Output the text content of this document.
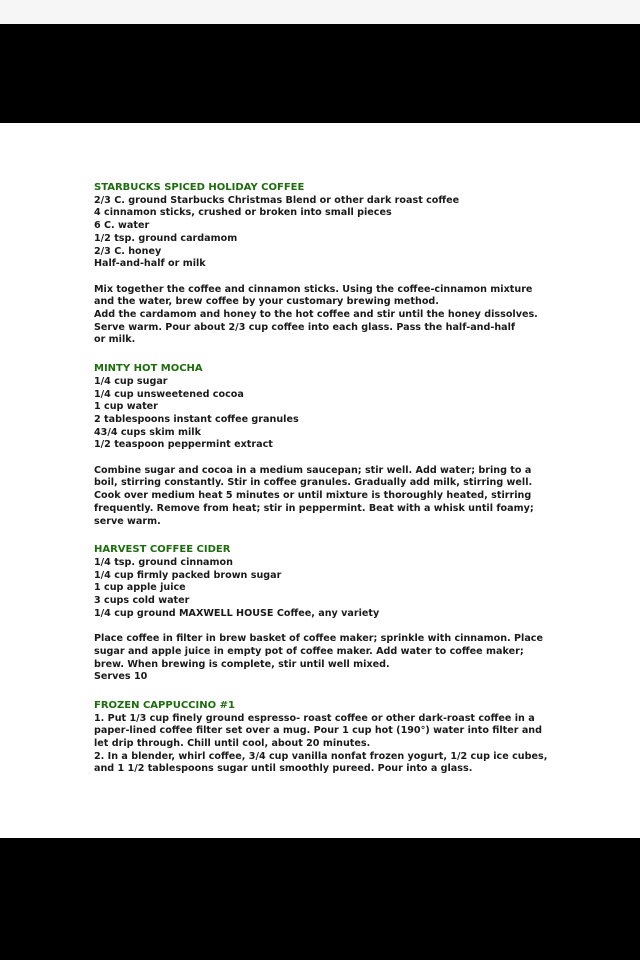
STARBUCKS SPICED HOLIDAY COFFEE

2/3 C. ground Starbucks Christmas Blend or other dark roast coffee

4 cinnamon sticks, crushed or broken into small pieces

6 C. water

1/2 tsp. ground cardamom

2/3 C. honey

Half-and-half or milk

Mix together the coffee and cinnamon sticks. Using the coffee-cinnamon mixture

and the water, brew coffee by your customary brewing method.

Add the cardamom and honey to the hot coffee and stir until the honey dissolves.

Serve warm. Pour about 2/3 cup coffee into each glass. Pass the half-and-half

or milk.

MINTY HOT MOCHA

1/4 cup sugar

1/4 cup unsweetened cocoa

1 cup water

2 tablespoons instant coffee granules

43/4 cups skim milk

1/2 teaspoon peppermint extract

Combine sugar and cocoa in a medium saucepan; stir well. Add water; bring to a

boil, stirring constantly. Stir in coffee granules. Gradually add milk, stirring well.

Cook over medium heat 5 minutes or until mixture is thoroughly heated, stirring

frequently. Remove from heat; stir in peppermint. Beat with a whisk until foamy;

serve warm.

HARVEST COFFEE CIDER

1/4 tsp. ground cinnamon

1/4 cup firmly packed brown sugar

1 cup apple juice

3 cups cold water

1/4 cup ground MAXWELL HOUSE Coffee, any variety

Place coffee in filter in brew basket of coffee maker; sprinkle with cinnamon. Place

sugar and apple juice in empty pot of coffee maker. Add water to coffee maker;

brew. When brewing is complete, stir until well mixed.

Serves 10

FROZEN CAPPUCCINO #1

1. Put 1/3 cup finely ground espresso- roast coffee or other dark-roast coffee in a

paper-lined coffee filter set over a mug. Pour 1 cup hot (190°) water into filter and

let drip through. Chill until cool, about 20 minutes.

2. In a blender, whirl coffee, 3/4 cup vanilla nonfat frozen yogurt, 1/2 cup ice cubes,

and 1 1/2 tablespoons sugar until smoothly pureed. Pour into a glass.
